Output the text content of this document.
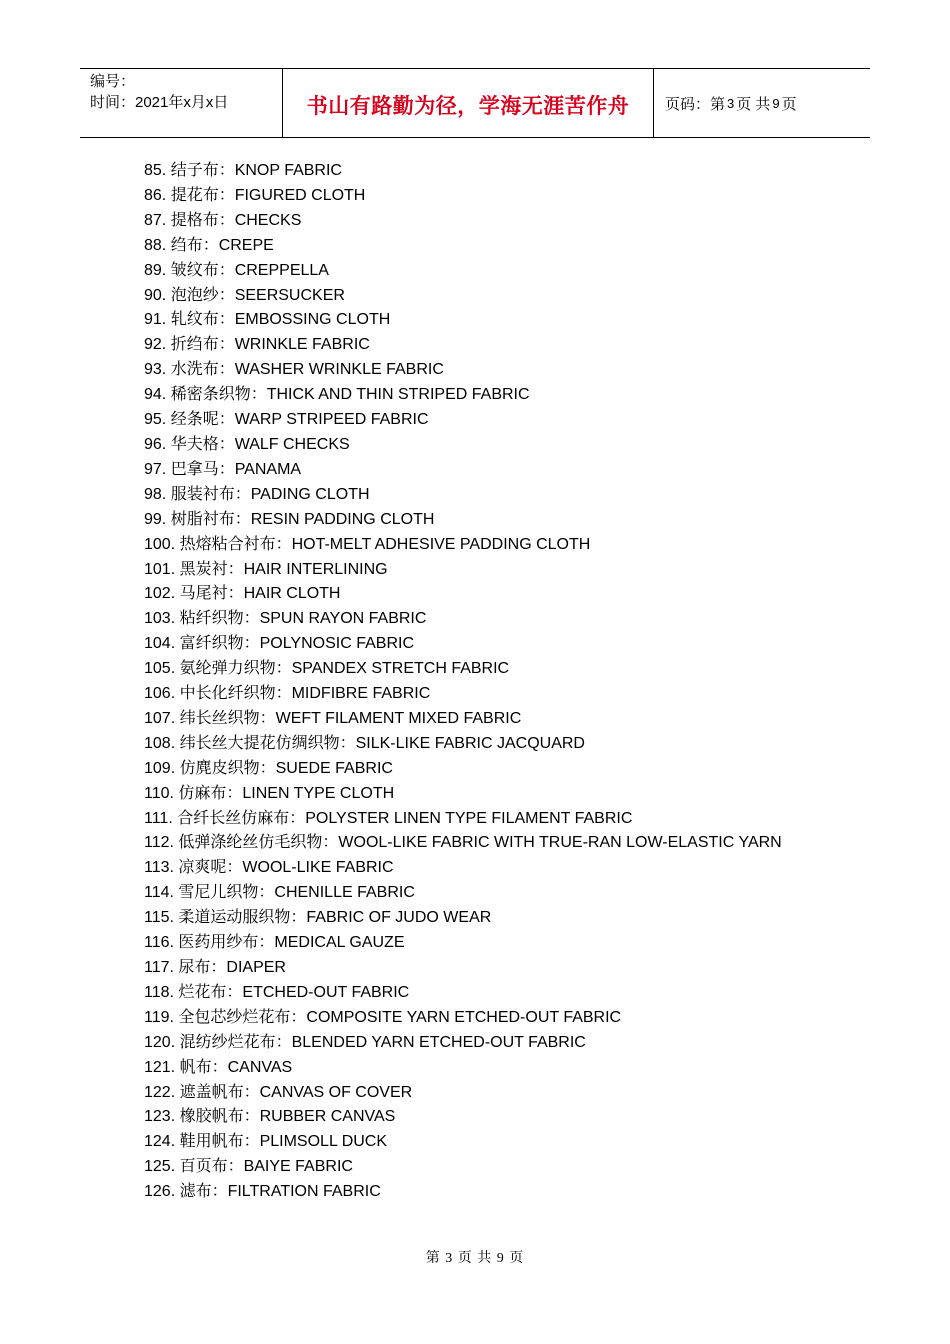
编号：
时间：2021年x月x日	书山有路勤为径，学海无涯苦作舟	页码：第 3 页 共 9 页
85. 结子布：KNOP FABRIC
86. 提花布：FIGURED CLOTH
87. 提格布：CHECKS
88. 绉布：CREPE
89. 皱纹布：CREPPELLA
90. 泡泡纱：SEERSUCKER
91. 轧纹布：EMBOSSING CLOTH
92. 折绉布：WRINKLE FABRIC
93. 水洗布：WASHER WRINKLE FABRIC
94. 稀密条织物：THICK AND THIN STRIPED FABRIC
95. 经条呢：WARP STRIPEED FABRIC
96. 华夫格：WALF CHECKS
97. 巴拿马：PANAMA
98. 服装衬布：PADING CLOTH
99. 树脂衬布：RESIN PADDING CLOTH
100. 热熔粘合衬布：HOT-MELT ADHESIVE PADDING CLOTH
101. 黑炭衬：HAIR INTERLINING
102. 马尾衬：HAIR CLOTH
103. 粘纤织物：SPUN RAYON FABRIC
104. 富纤织物：POLYNOSIC FABRIC
105. 氨纶弹力织物：SPANDEX STRETCH FABRIC
106. 中长化纤织物：MIDFIBRE FABRIC
107. 纬长丝织物：WEFT FILAMENT MIXED FABRIC
108. 纬长丝大提花仿绸织物：SILK-LIKE FABRIC JACQUARD
109. 仿麂皮织物：SUEDE FABRIC
110. 仿麻布：LINEN TYPE CLOTH
111. 合纤长丝仿麻布：POLYSTER LINEN TYPE FILAMENT FABRIC
112. 低弹涤纶丝仿毛织物：WOOL-LIKE FABRIC WITH TRUE-RAN LOW-ELASTIC YARN
113. 凉爽呢：WOOL-LIKE FABRIC
114. 雪尼儿织物：CHENILLE FABRIC
115. 柔道运动服织物：FABRIC OF JUDO WEAR
116. 医药用纱布：MEDICAL GAUZE
117. 尿布：DIAPER
118. 烂花布：ETCHED-OUT FABRIC
119. 全包芯纱烂花布：COMPOSITE YARN ETCHED-OUT FABRIC
120. 混纺纱烂花布：BLENDED YARN ETCHED-OUT FABRIC
121. 帆布：CANVAS
122. 遮盖帆布：CANVAS OF COVER
123. 橡胶帆布：RUBBER CANVAS
124. 鞋用帆布：PLIMSOLL DUCK
125. 百页布：BAIYE FABRIC
126. 滤布：FILTRATION FABRIC
第 3 页 共 9 页
